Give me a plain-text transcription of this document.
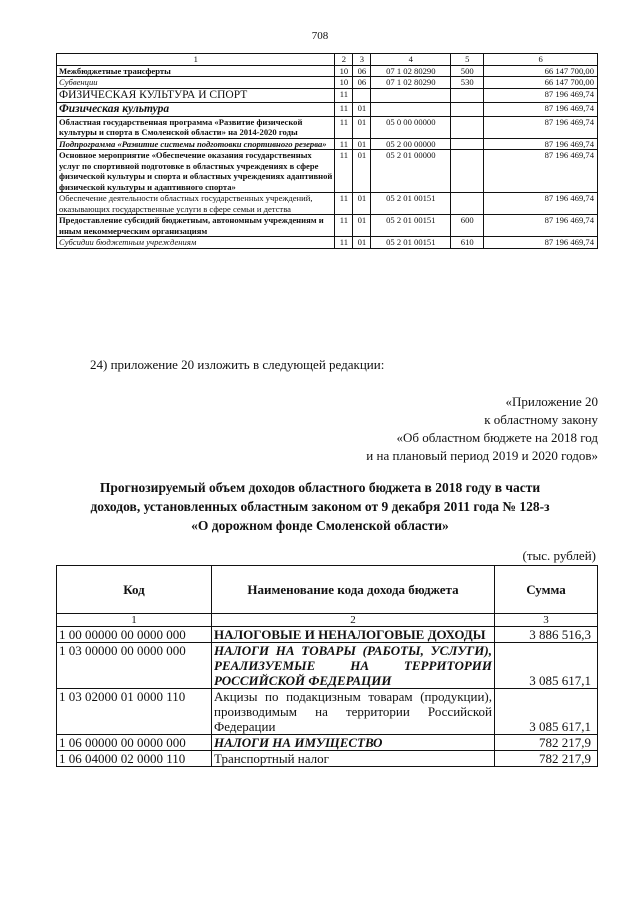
708
1	2	3	4	5	6
Межбюджетные трансферты	10	06	07 1 02 80290	500	66 147 700,00
Субвенции	10	06	07 1 02 80290	530	66 147 700,00
ФИЗИЧЕСКАЯ КУЛЬТУРА И СПОРТ	11				87 196 469,74
Физическая культура	11	01			87 196 469,74
Областная государственная программа «Развитие физической культуры и спорта в Смоленской области» на 2014-2020 годы	11	01	05 0 00 00000		87 196 469,74
Подпрограмма «Развитие системы подготовки спортивного резерва»	11	01	05 2 00 00000		87 196 469,74
Основное мероприятие «Обеспечение оказания государственных услуг по спортивной подготовке в областных учреждениях в сфере физической культуры и спорта и областных учреждениях адаптивной физической культуры и адаптивного спорта»	11	01	05 2 01 00000		87 196 469,74
Обеспечение деятельности областных государственных учреждений, оказывающих государственные услуги в сфере семьи и детства	11	01	05 2 01 00151		87 196 469,74
Предоставление субсидий бюджетным, автономным учреждениям и иным некоммерческим организациям	11	01	05 2 01 00151	600	87 196 469,74
Субсидии бюджетным учреждениям	11	01	05 2 01 00151	610	87 196 469,74
24) приложение 20 изложить в следующей редакции:
«Приложение 20
к областному закону
«Об областном бюджете на 2018 год
и на плановый период 2019 и 2020 годов»
Прогнозируемый объем доходов областного бюджета в 2018 году в части
доходов, установленных областным законом от 9 декабря 2011 года № 128-з
«О дорожном фонде Смоленской области»
(тыс. рублей)
Код	Наименование кода дохода бюджета	Сумма
1	2	3
1 00 00000 00 0000 000	НАЛОГОВЫЕ И НЕНАЛОГОВЫЕ ДОХОДЫ	3 886 516,3
1 03 00000 00 0000 000	НАЛОГИ НА ТОВАРЫ (РАБОТЫ, УСЛУГИ), РЕАЛИЗУЕМЫЕ НА ТЕРРИТОРИИ РОССИЙСКОЙ ФЕДЕРАЦИИ	3 085 617,1
1 03 02000 01 0000 110	Акцизы по подакцизным товарам (продукции), производимым на территории Российской Федерации	3 085 617,1
1 06 00000 00 0000 000	НАЛОГИ НА ИМУЩЕСТВО	782 217,9
1 06 04000 02 0000 110	Транспортный налог	782 217,9
